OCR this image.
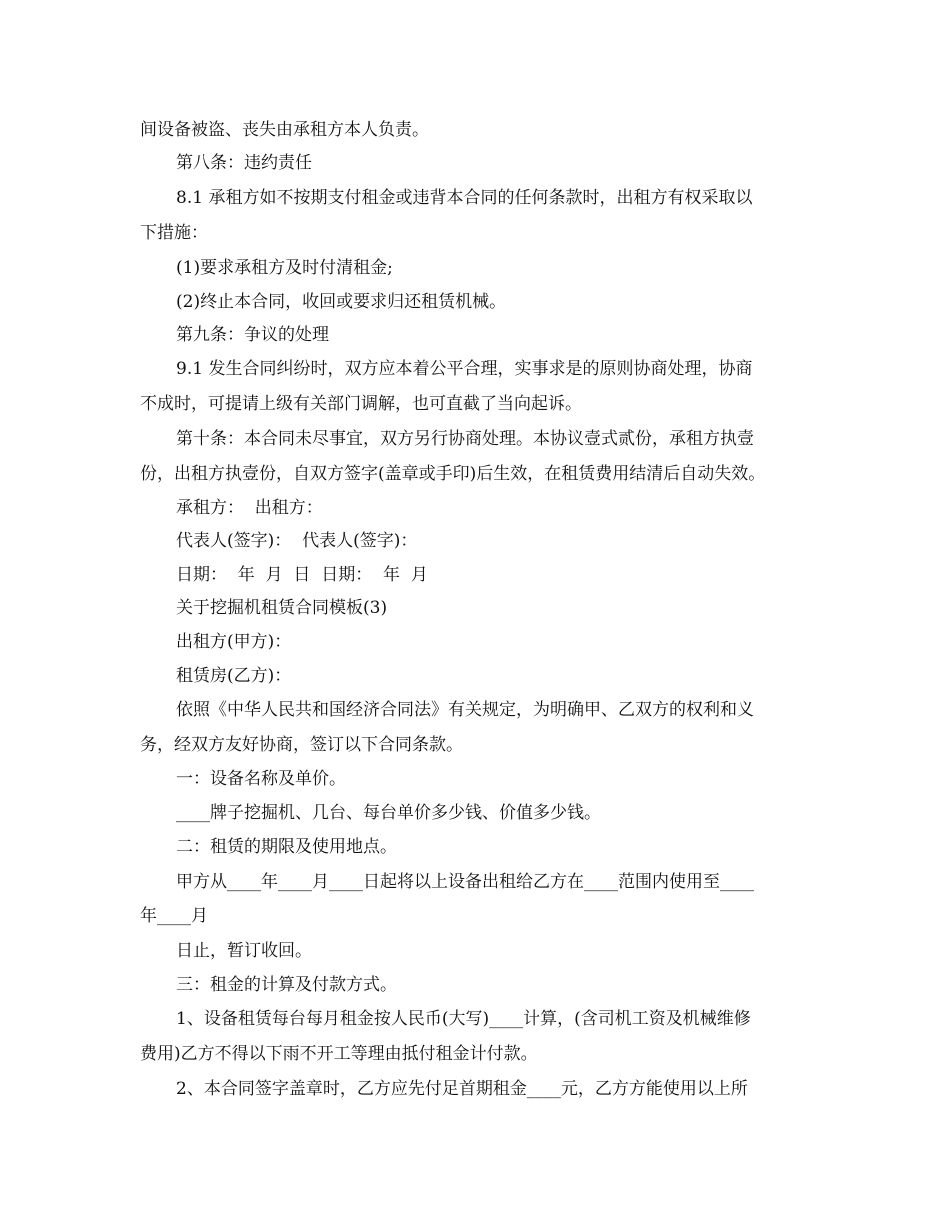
间设备被盗、丧失由承租方本人负责。
第八条：违约责任
8.1 承租方如不按期支付租金或违背本合同的任何条款时，出租方有权采取以
下措施：
(1)要求承租方及时付清租金;
(2)终止本合同，收回或要求归还租赁机械。
第九条：争议的处理
9.1 发生合同纠纷时，双方应本着公平合理，实事求是的原则协商处理，协商
不成时，可提请上级有关部门调解，也可直截了当向起诉。
第十条：本合同未尽事宜，双方另行协商处理。本协议壹式贰份，承租方执壹
份，出租方执壹份，自双方签字(盖章或手印)后生效，在租赁费用结清后自动失效。
承租方：  出租方：
代表人(签字)：  代表人(签字)：
日期：  年  月  日  日期：  年  月
关于挖掘机租赁合同模板(3)
出租方(甲方)：
租赁房(乙方)：
依照《中华人民共和国经济合同法》有关规定，为明确甲、乙双方的权利和义
务，经双方友好协商，签订以下合同条款。
一：设备名称及单价。
____牌子挖掘机、几台、每台单价多少钱、价值多少钱。
二：租赁的期限及使用地点。
甲方从____年____月____日起将以上设备出租给乙方在____范围内使用至____
年____月
日止，暂订收回。
三：租金的计算及付款方式。
1、设备租赁每台每月租金按人民币(大写)____计算，(含司机工资及机械维修
费用)乙方不得以下雨不开工等理由抵付租金计付款。
2、本合同签字盖章时，乙方应先付足首期租金____元，乙方方能使用以上所
